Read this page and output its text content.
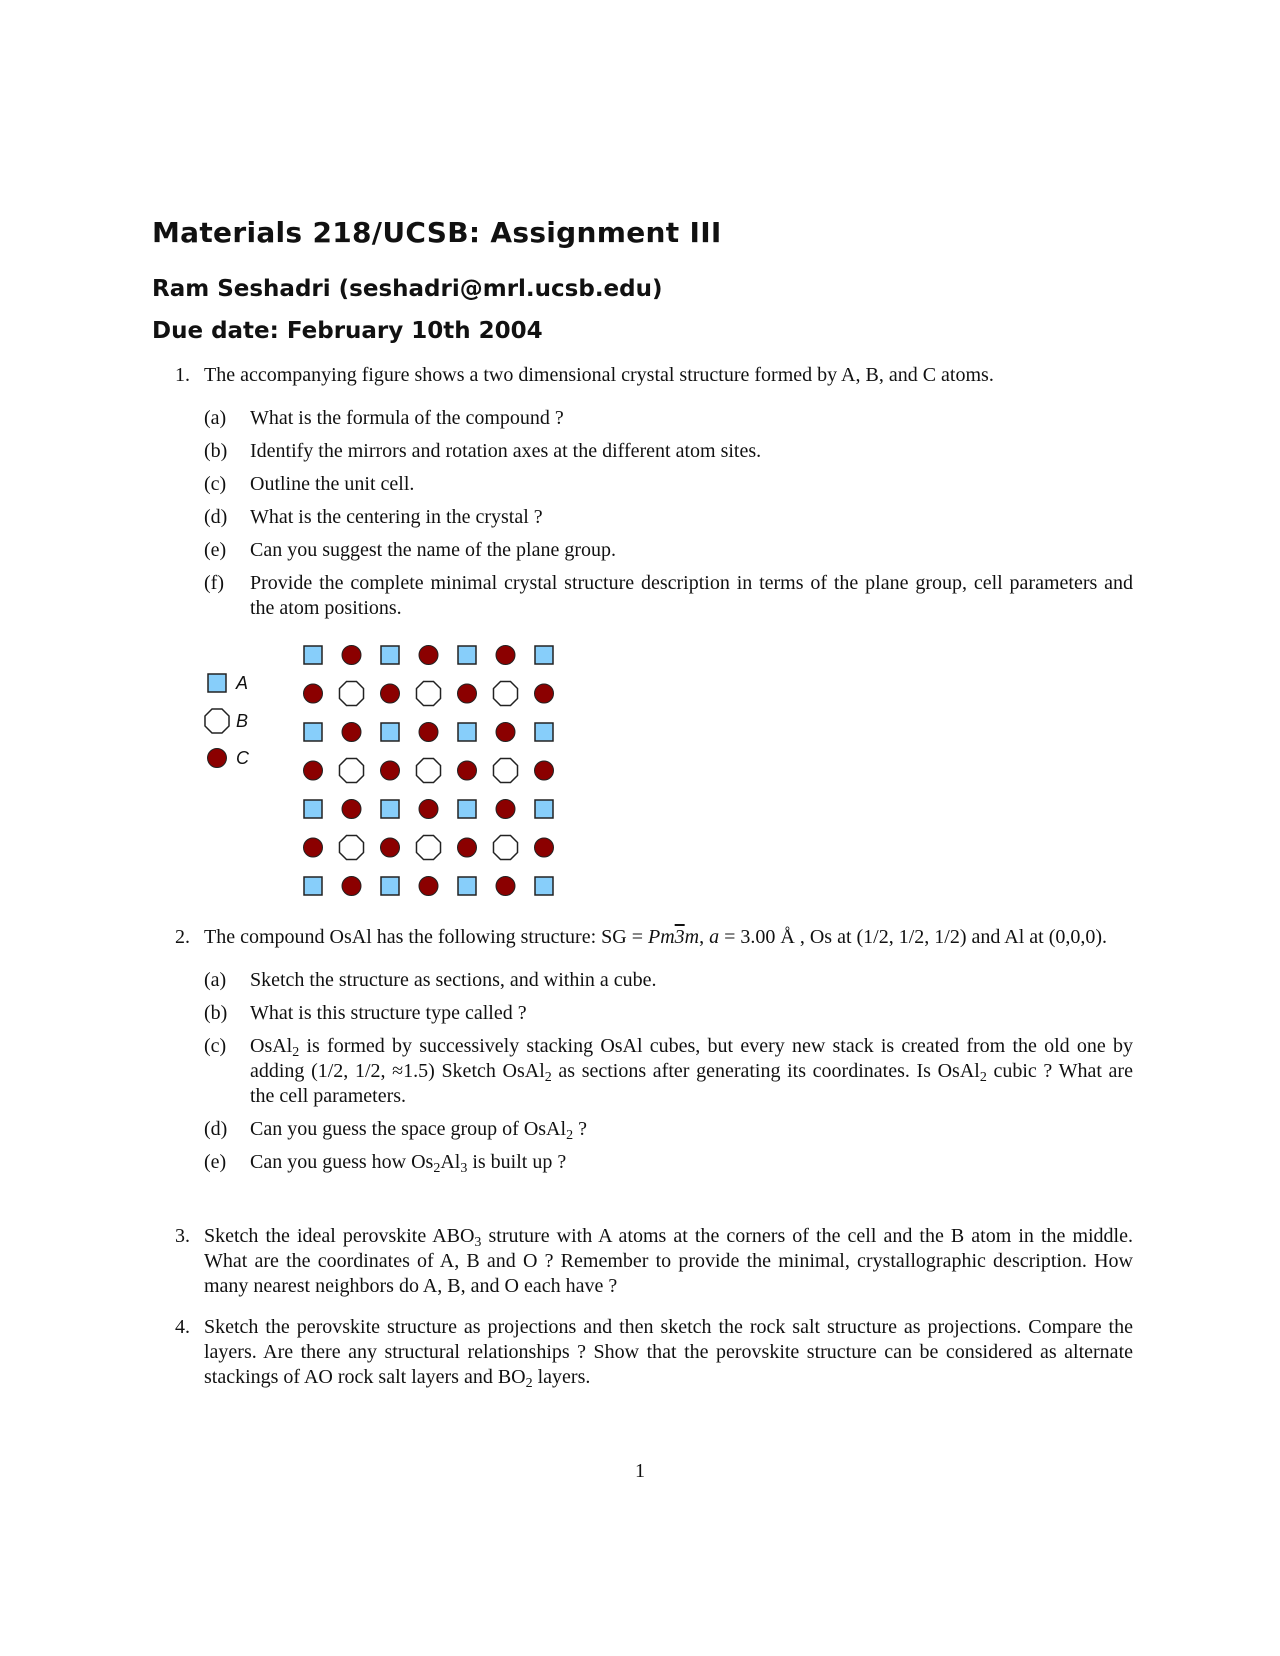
Materials 218/UCSB: Assignment III
Ram Seshadri (seshadri@mrl.ucsb.edu)
Due date: February 10th 2004
1. The accompanying figure shows a two dimensional crystal structure formed by A, B, and C atoms.
(a) What is the formula of the compound ?
(b) Identify the mirrors and rotation axes at the different atom sites.
(c) Outline the unit cell.
(d) What is the centering in the crystal ?
(e) Can you suggest the name of the plane group.
(f) Provide the complete minimal crystal structure description in terms of the plane group, cell parameters and the atom positions.
A
B
C
2. The compound OsAl has the following structure: SG = Pm3m, a = 3.00 Å , Os at (1/2, 1/2, 1/2) and Al at (0,0,0).
(a) Sketch the structure as sections, and within a cube.
(b) What is this structure type called ?
(c) OsAl$_2$ is formed by successively stacking OsAl cubes, but every new stack is created from the old one by adding (1/2, 1/2, ≈1.5) Sketch OsAl$_2$ as sections after generating its coordinates. Is OsAl$_2$ cubic ? What are the cell parameters.
(d) Can you guess the space group of OsAl$_2$ ?
(e) Can you guess how $Os_2Al_3$ is built up ?
3. Sketch the ideal perovskite $ABO_3$ struture with A atoms at the corners of the cell and the B atom in the middle. What are the coordinates of A, B and O ? Remember to provide the minimal, crystallographic description. How many nearest neighbors do A, B, and O each have ?
4. Sketch the perovskite structure as projections and then sketch the rock salt structure as projections. Compare the layers. Are there any structural relationships ? Show that the perovskite structure can be considered as alternate stackings of AO rock salt layers and $BO_2$ layers.
1
